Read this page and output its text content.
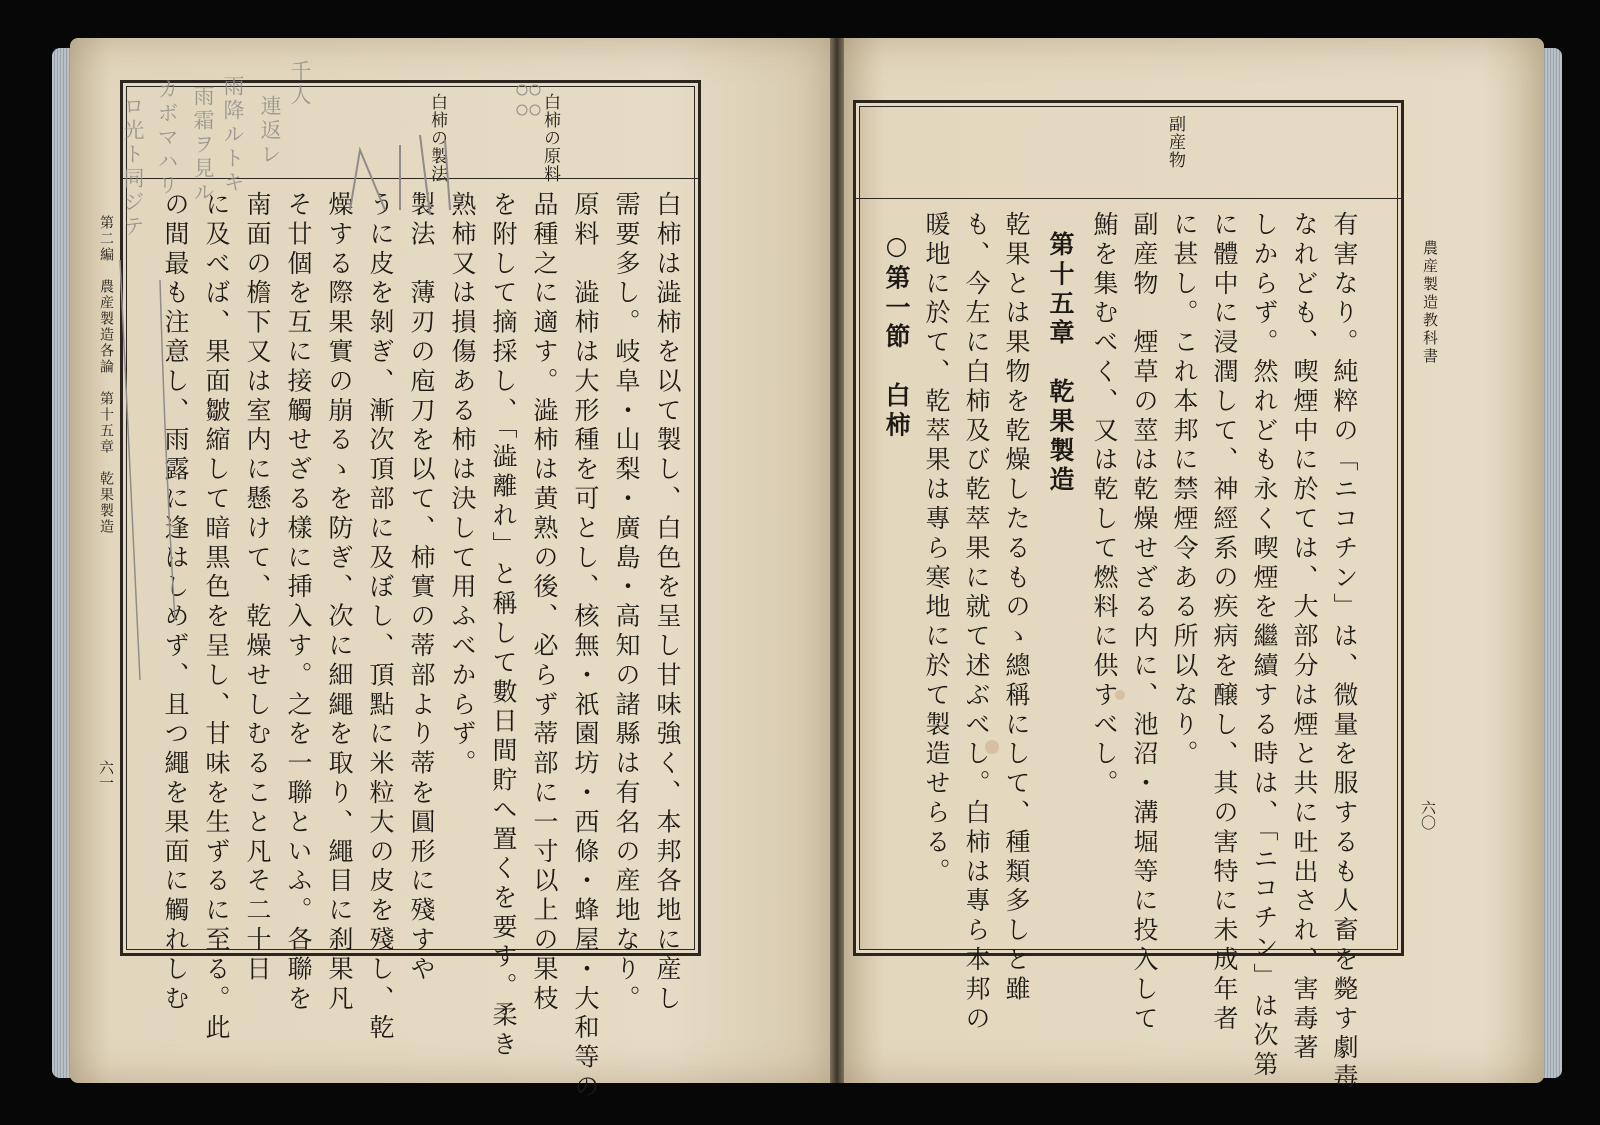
第二編　農産製造各論　第十五章　乾果製造
六一
白柿の原料
白柿の製法
白柿は澁柿を以て製し、白色を呈し甘味強く、本邦各地に産し
需要多し。岐阜・山梨・廣島・高知の諸縣は有名の産地なり。
原料　澁柿は大形種を可とし、核無・祇園坊・西條・蜂屋・大和等の
品種之に適す。澁柿は黄熟の後、必らず蒂部に一寸以上の果枝
を附して摘採し、「澁離れ」と稱して數日間貯へ置くを要す。柔き
熟柿又は損傷ある柿は決して用ふべからず。
製法　薄刃の庖刀を以て、柿實の蒂部より蒂を圓形に殘すや
うに皮を剝ぎ、漸次頂部に及ぼし、頂點に米粒大の皮を殘し、乾
燥する際果實の崩るゝを防ぎ、次に細繩を取り、繩目に刹果凡
そ廿個を互に接觸せざる樣に挿入す。之を一聯といふ。各聯を
南面の檐下又は室内に懸けて、乾燥せしむること凡そ二十日
に及べば、果面皺縮して暗黒色を呈し、甘味を生ずるに至る。此
の間最も注意し、雨露に逢はしめず、且つ繩を果面に觸れしむ
千人
連返レ
雨降ルトキ
雨霜ヲ見ル
カボマハリ
ロ光ト同ジテ
農産製造教科書
六〇
副産物
有害なり。純粹の「ニコチン」は、微量を服するも人畜を斃す劇毒
なれども、喫煙中に於ては、大部分は煙と共に吐出され、害毒著
しからず。然れども永く喫煙を繼續する時は、「ニコチン」は次第
に體中に浸潤して、神經系の疾病を醸し、其の害特に未成年者
に甚し。これ本邦に禁煙令ある所以なり。
副産物　煙草の莖は乾燥せざる内に、池沼・溝堀等に投入して
鮪を集むべく、又は乾して燃料に供すべし。
第十五章　乾果製造
乾果とは果物を乾燥したるものゝ總稱にして、種類多しと雖
も、今左に白柿及び乾萃果に就て述ぶべし。白柿は專ら本邦の
暖地に於て、乾萃果は專ら寒地に於て製造せらる。
○第一節　白柿
